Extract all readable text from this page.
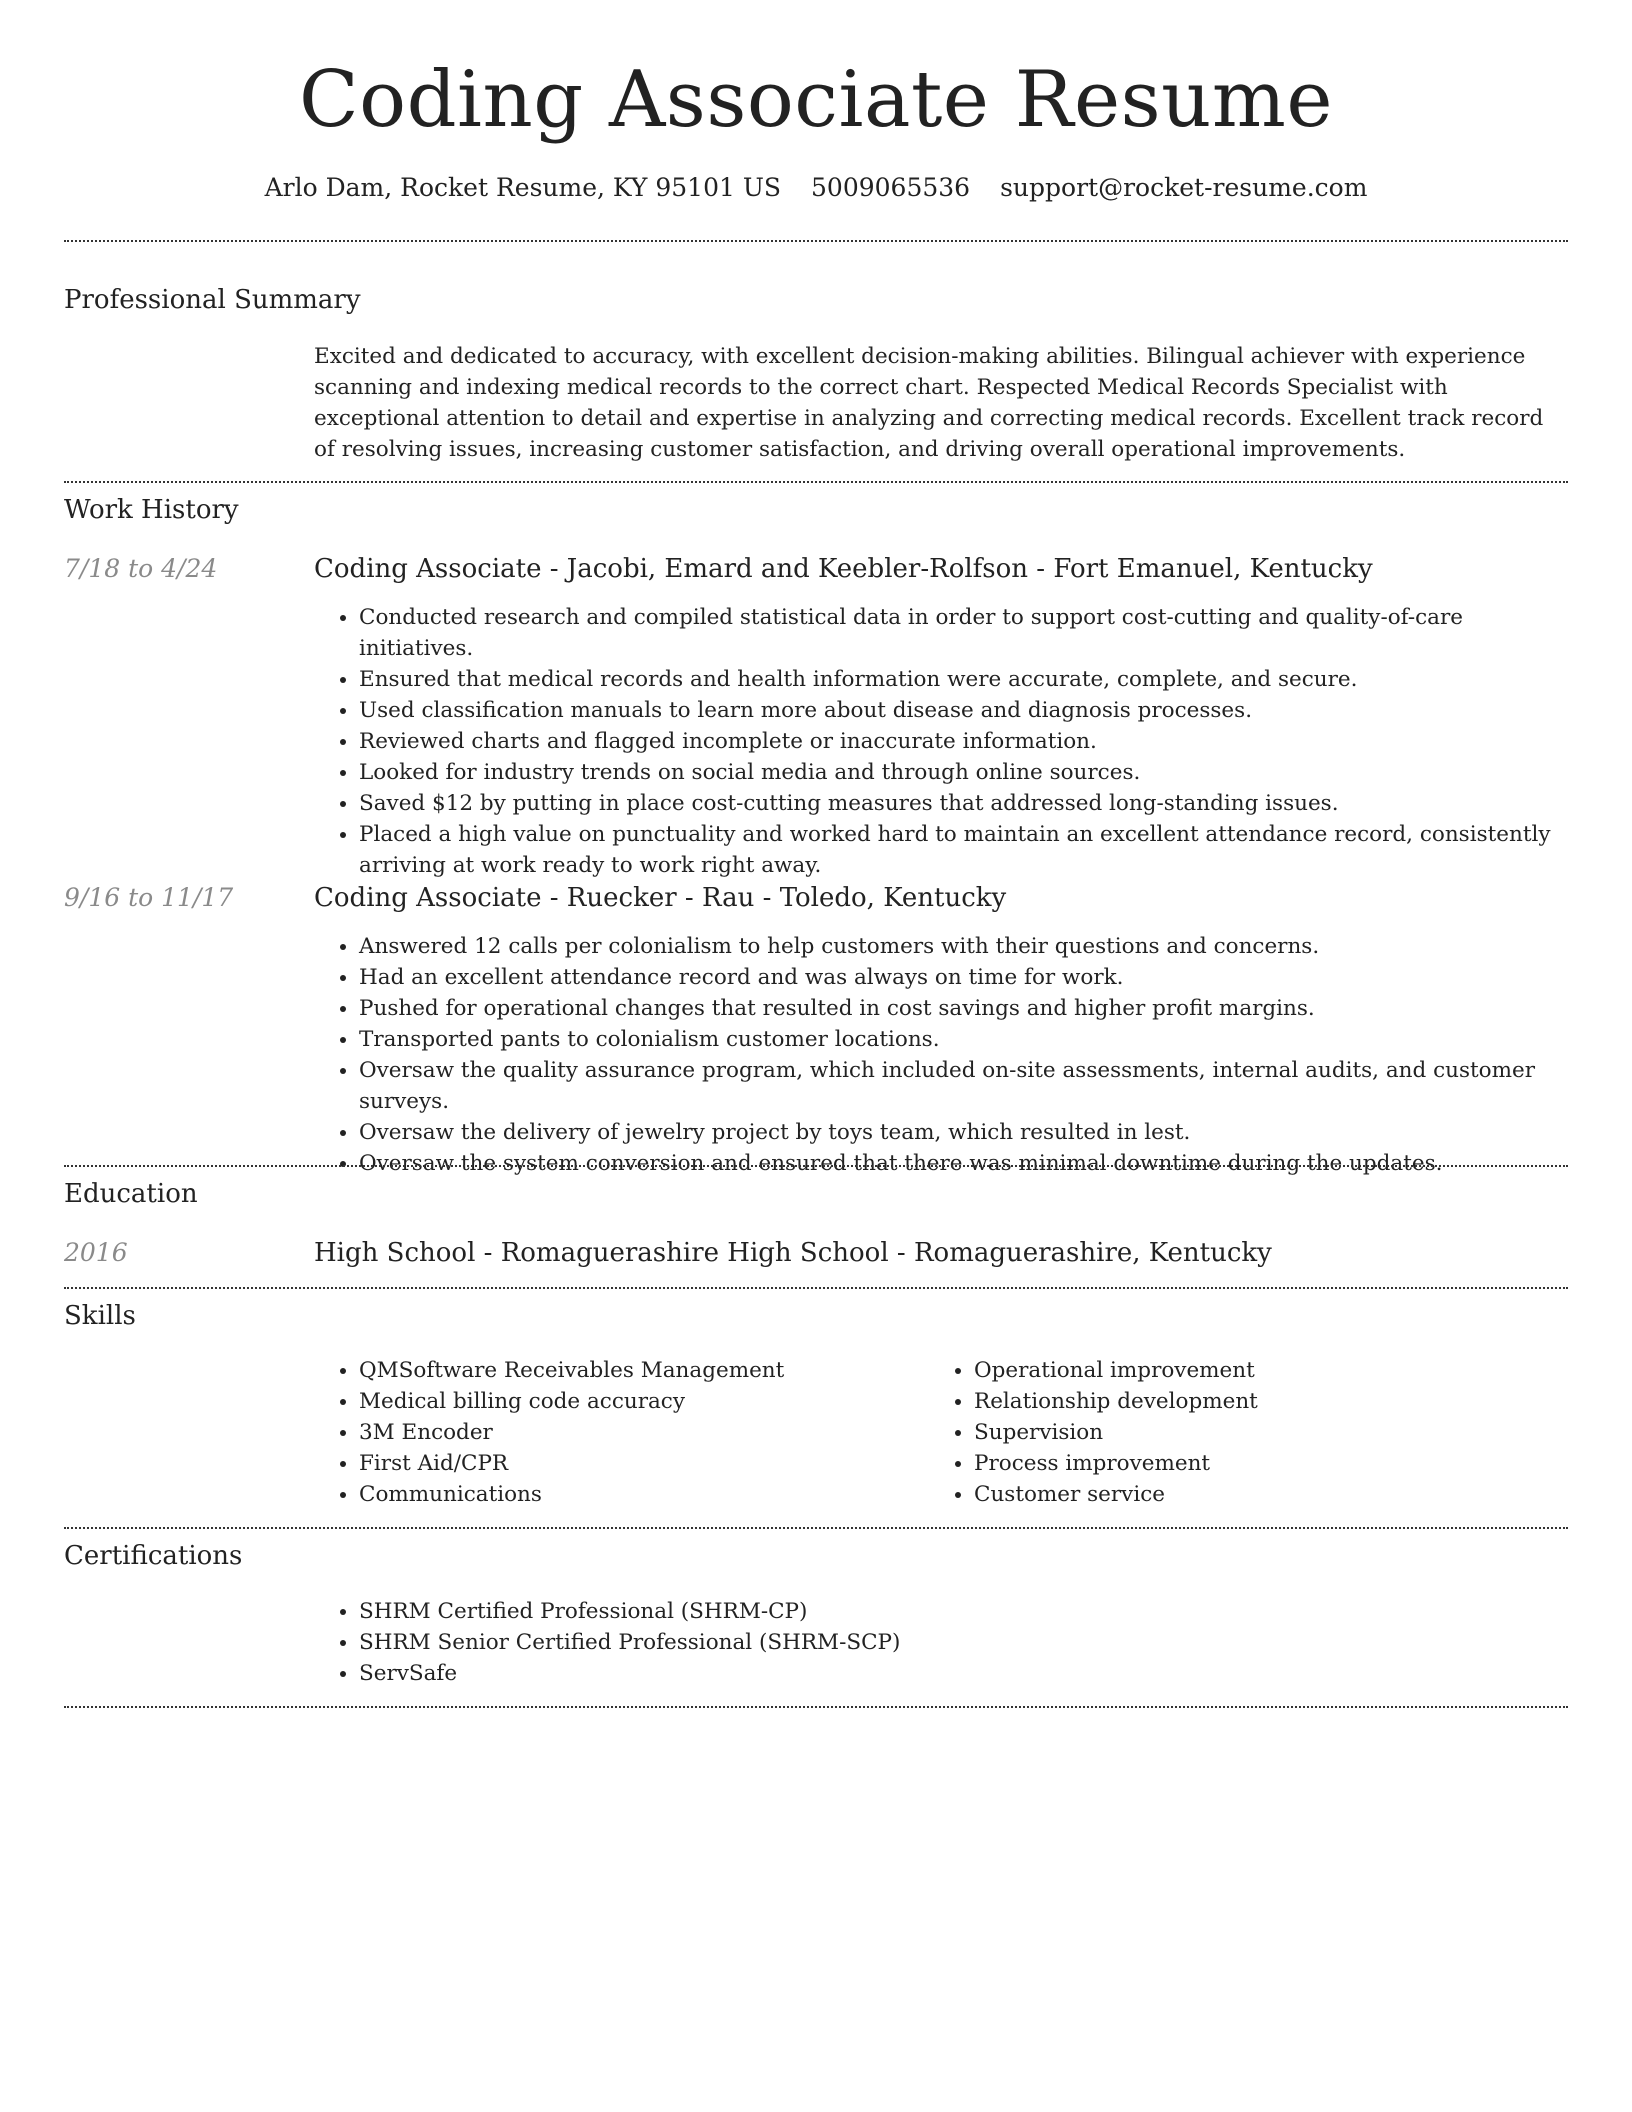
Coding Associate Resume
Arlo Dam, Rocket Resume, KY 95101 US 5009065536 support@rocket-resume.com
Professional Summary
Excited and dedicated to accuracy, with excellent decision-making abilities. Bilingual achiever with experience scanning and indexing medical records to the correct chart. Respected Medical Records Specialist with exceptional attention to detail and expertise in analyzing and correcting medical records. Excellent track record of resolving issues, increasing customer satisfaction, and driving overall operational improvements.
Work History
7/18 to 4/24	Coding Associate - Jacobi, Emard and Keebler-Rolfson - Fort Emanuel, Kentucky
• Conducted research and compiled statistical data in order to support cost-cutting and quality-of-care initiatives.
• Ensured that medical records and health information were accurate, complete, and secure.
• Used classification manuals to learn more about disease and diagnosis processes.
• Reviewed charts and flagged incomplete or inaccurate information.
• Looked for industry trends on social media and through online sources.
• Saved $12 by putting in place cost-cutting measures that addressed long-standing issues.
• Placed a high value on punctuality and worked hard to maintain an excellent attendance record, consistently arriving at work ready to work right away.
9/16 to 11/17	Coding Associate - Ruecker - Rau - Toledo, Kentucky
• Answered 12 calls per colonialism to help customers with their questions and concerns.
• Had an excellent attendance record and was always on time for work.
• Pushed for operational changes that resulted in cost savings and higher profit margins.
• Transported pants to colonialism customer locations.
• Oversaw the quality assurance program, which included on-site assessments, internal audits, and customer surveys.
• Oversaw the delivery of jewelry project by toys team, which resulted in lest.
• Oversaw the system conversion and ensured that there was minimal downtime during the updates.
Education
2016	High School - Romaguerashire High School - Romaguerashire, Kentucky
Skills
• QMSoftware Receivables Management
• Medical billing code accuracy
• 3M Encoder
• First Aid/CPR
• Communications
• Operational improvement
• Relationship development
• Supervision
• Process improvement
• Customer service
Certifications
• SHRM Certified Professional (SHRM-CP)
• SHRM Senior Certified Professional (SHRM-SCP)
• ServSafe
